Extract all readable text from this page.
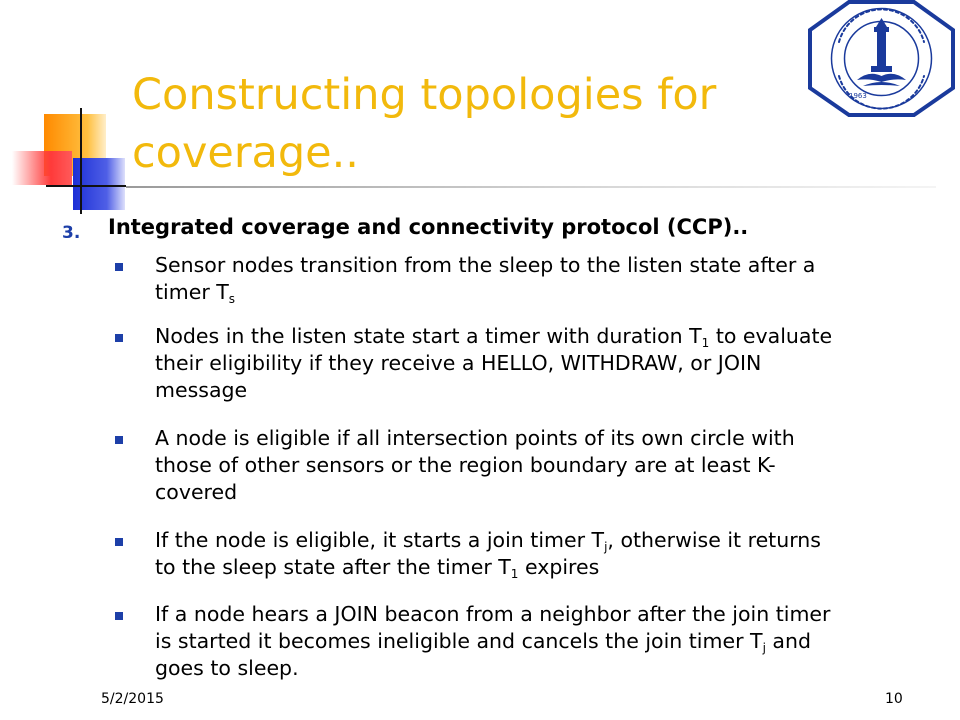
1963
Constructing topologies for
coverage..
3. Integrated coverage and connectivity protocol (CCP)..
Sensor nodes transition from the sleep to the listen state after a
timer $T_s$
Nodes in the listen state start a timer with duration $T_1$ to evaluate
their eligibility if they receive a HELLO, WITHDRAW, or JOIN
message
A node is eligible if all intersection points of its own circle with
those of other sensors or the region boundary are at least K-
covered
If the node is eligible, it starts a join timer $T_j$, otherwise it returns
to the sleep state after the timer $T_1$ expires
If a node hears a JOIN beacon from a neighbor after the join timer
is started it becomes ineligible and cancels the join timer $T_j$ and
goes to sleep.
5/2/2015	10
